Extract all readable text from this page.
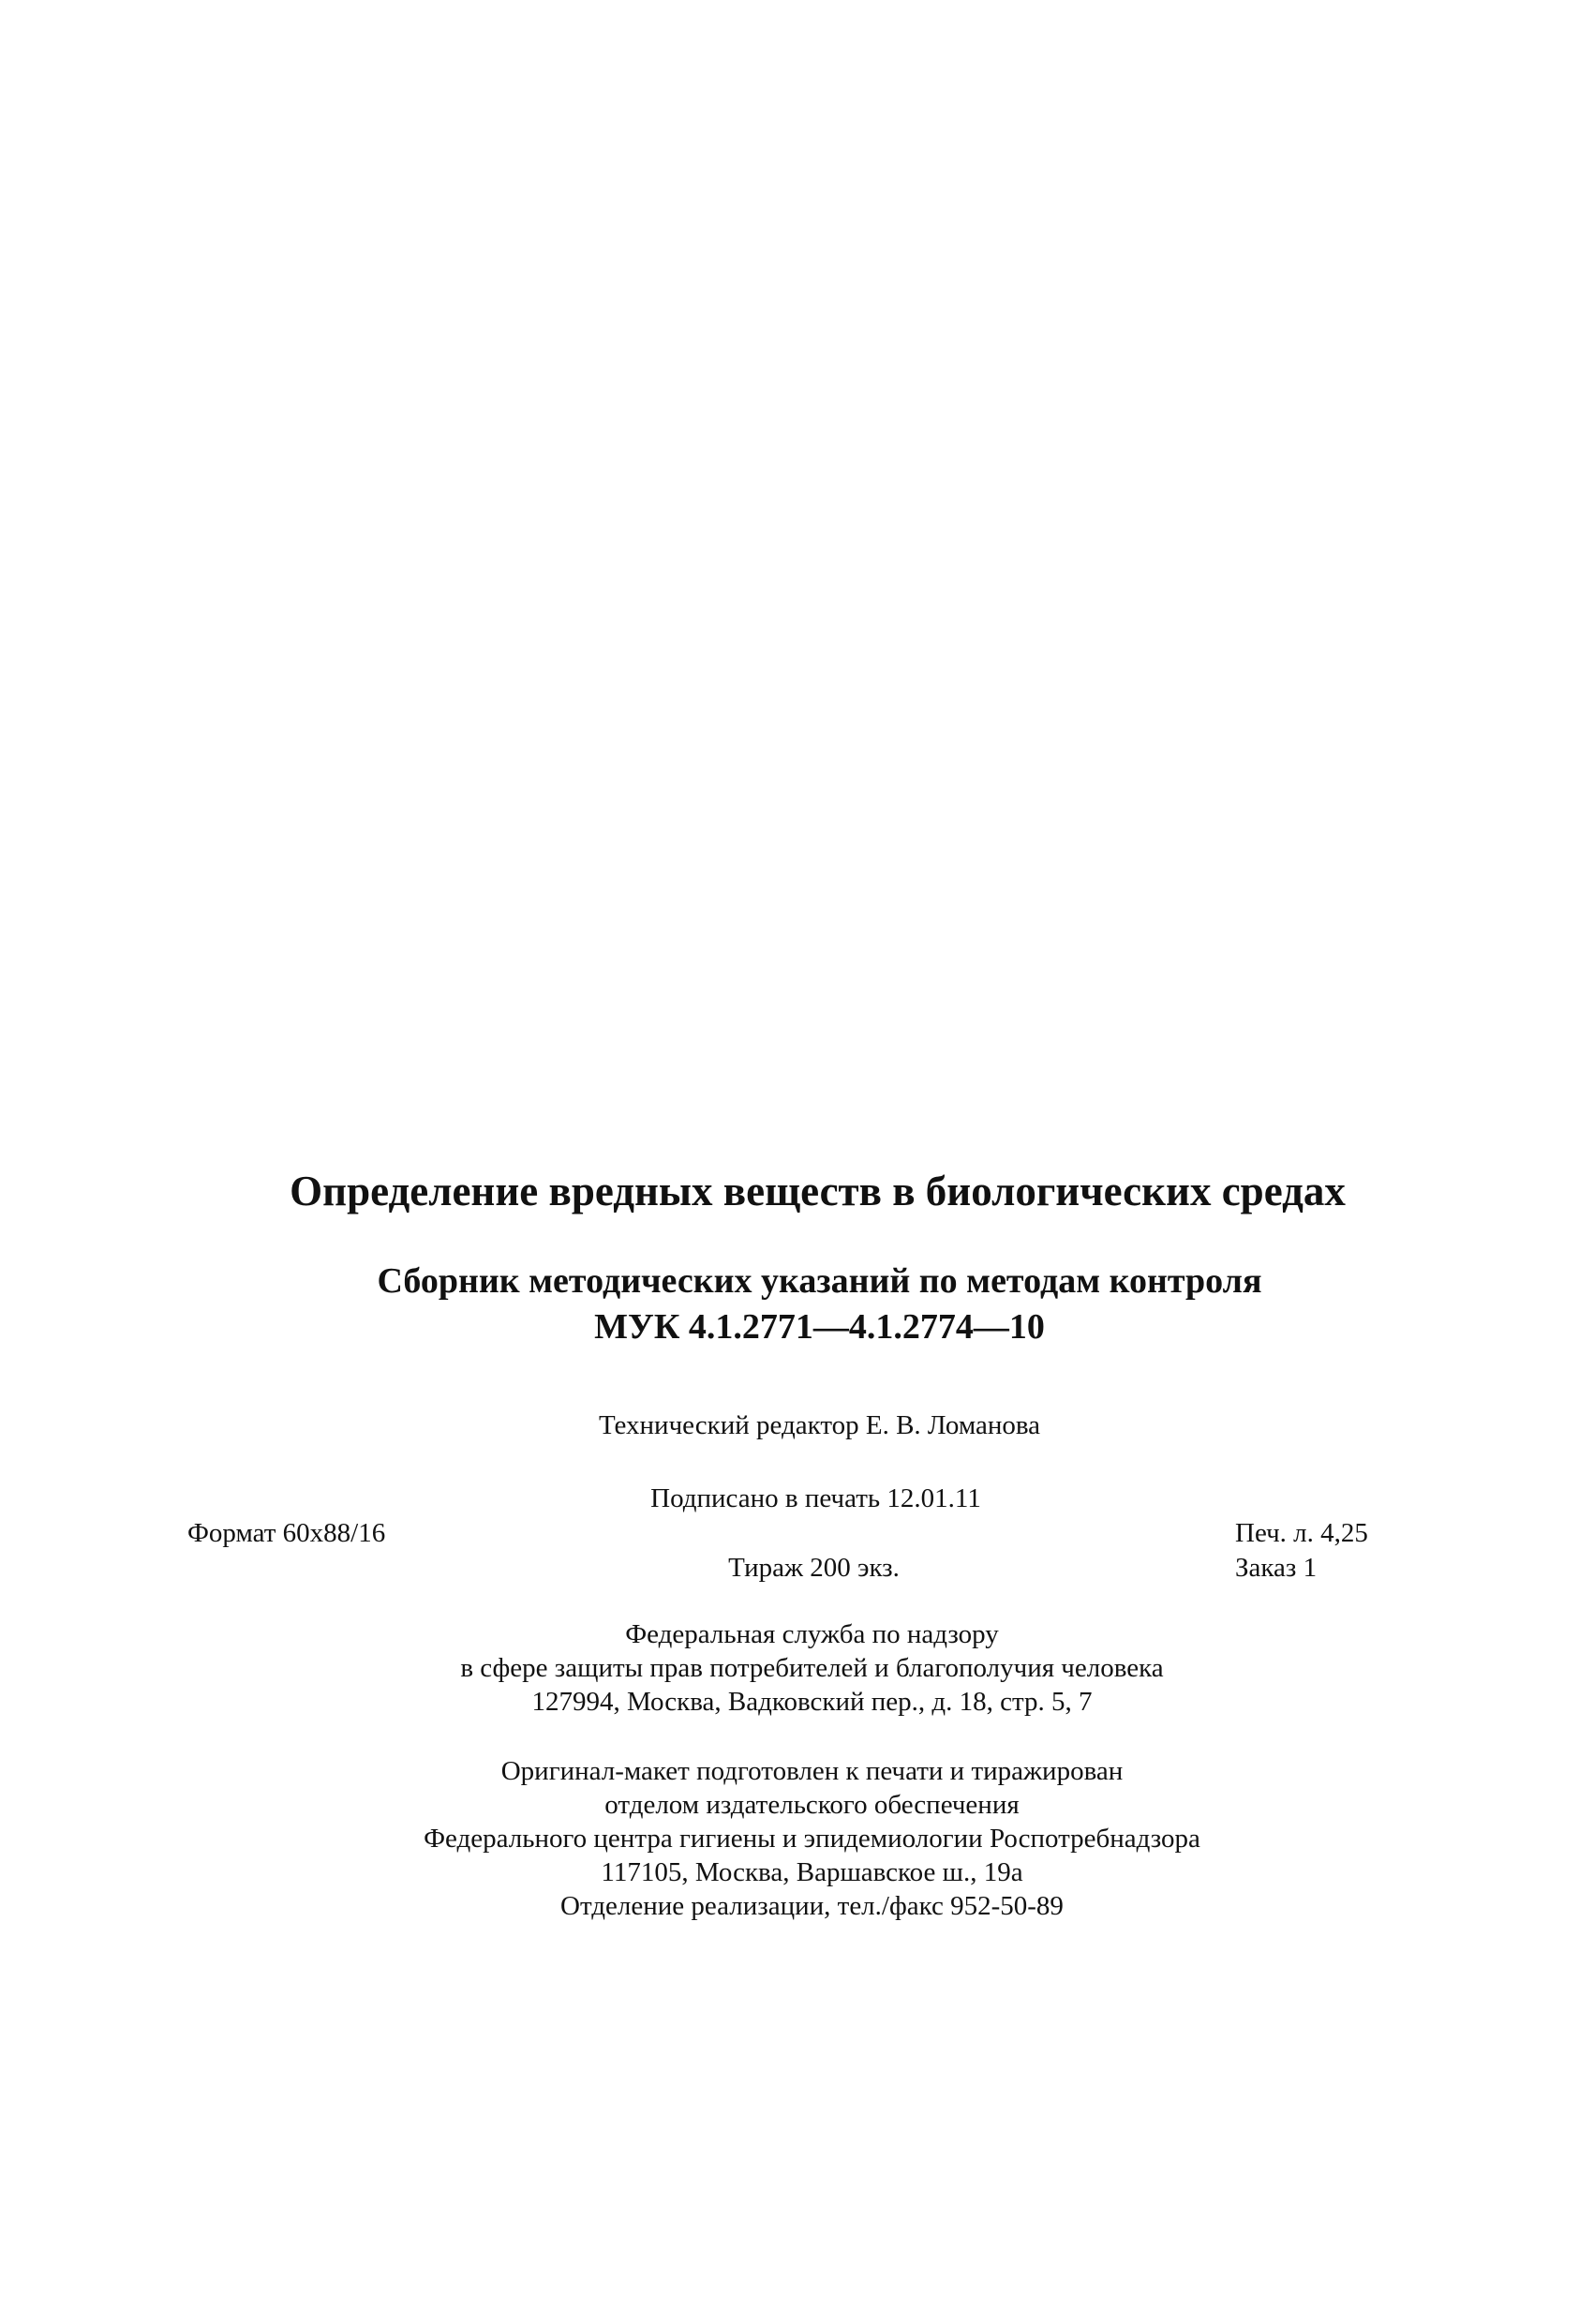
Определение вредных веществ в биологических средах
Сборник методических указаний по методам контроля
МУК 4.1.2771—4.1.2774—10
Технический редактор Е. В. Ломанова
Подписано в печать 12.01.11
Формат 60x88/16	Печ. л. 4,25
Тираж 200 экз.	Заказ 1
Федеральная служба по надзору
в сфере защиты прав потребителей и благополучия человека
127994, Москва, Вадковский пер., д. 18, стр. 5, 7
Оригинал-макет подготовлен к печати и тиражирован
отделом издательского обеспечения
Федерального центра гигиены и эпидемиологии Роспотребнадзора
117105, Москва, Варшавское ш., 19а
Отделение реализации, тел./факс 952-50-89
